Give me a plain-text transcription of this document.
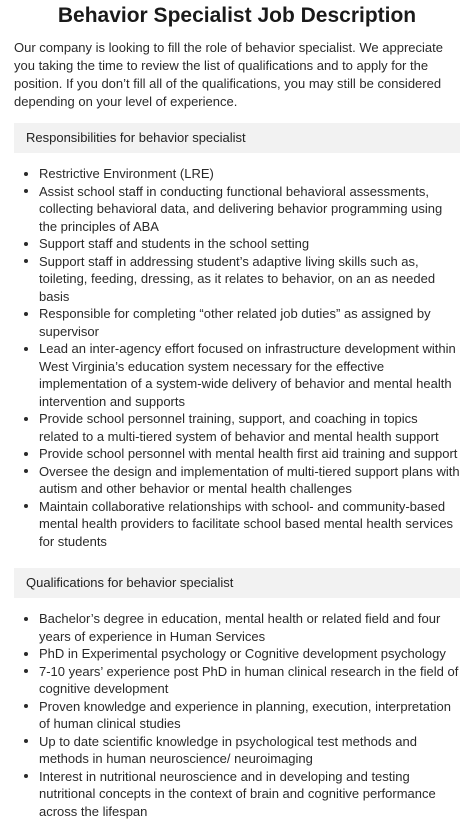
Behavior Specialist Job Description

Our company is looking to fill the role of behavior specialist. We appreciate you taking the time to review the list of qualifications and to apply for the position. If you don’t fill all of the qualifications, you may still be considered depending on your level of experience.

Responsibilities for behavior specialist
Restrictive Environment (LRE)
Assist school staff in conducting functional behavioral assessments, collecting behavioral data, and delivering behavior programming using the principles of ABA
Support staff and students in the school setting
Support staff in addressing student’s adaptive living skills such as, toileting, feeding, dressing, as it relates to behavior, on an as needed basis
Responsible for completing “other related job duties” as assigned by supervisor
Lead an inter-agency effort focused on infrastructure development within West Virginia’s education system necessary for the effective implementation of a system-wide delivery of behavior and mental health intervention and supports
Provide school personnel training, support, and coaching in topics related to a multi-tiered system of behavior and mental health support
Provide school personnel with mental health first aid training and support
Oversee the design and implementation of multi-tiered support plans with autism and other behavior or mental health challenges
Maintain collaborative relationships with school- and community-based mental health providers to facilitate school based mental health services for students
Qualifications for behavior specialist
Bachelor’s degree in education, mental health or related field and four years of experience in Human Services
PhD in Experimental psychology or Cognitive development psychology
7-10 years’ experience post PhD in human clinical research in the field of cognitive development
Proven knowledge and experience in planning, execution, interpretation of human clinical studies
Up to date scientific knowledge in psychological test methods and methods in human neuroscience/ neuroimaging
Interest in nutritional neuroscience and in developing and testing nutritional concepts in the context of brain and cognitive performance across the lifespan
